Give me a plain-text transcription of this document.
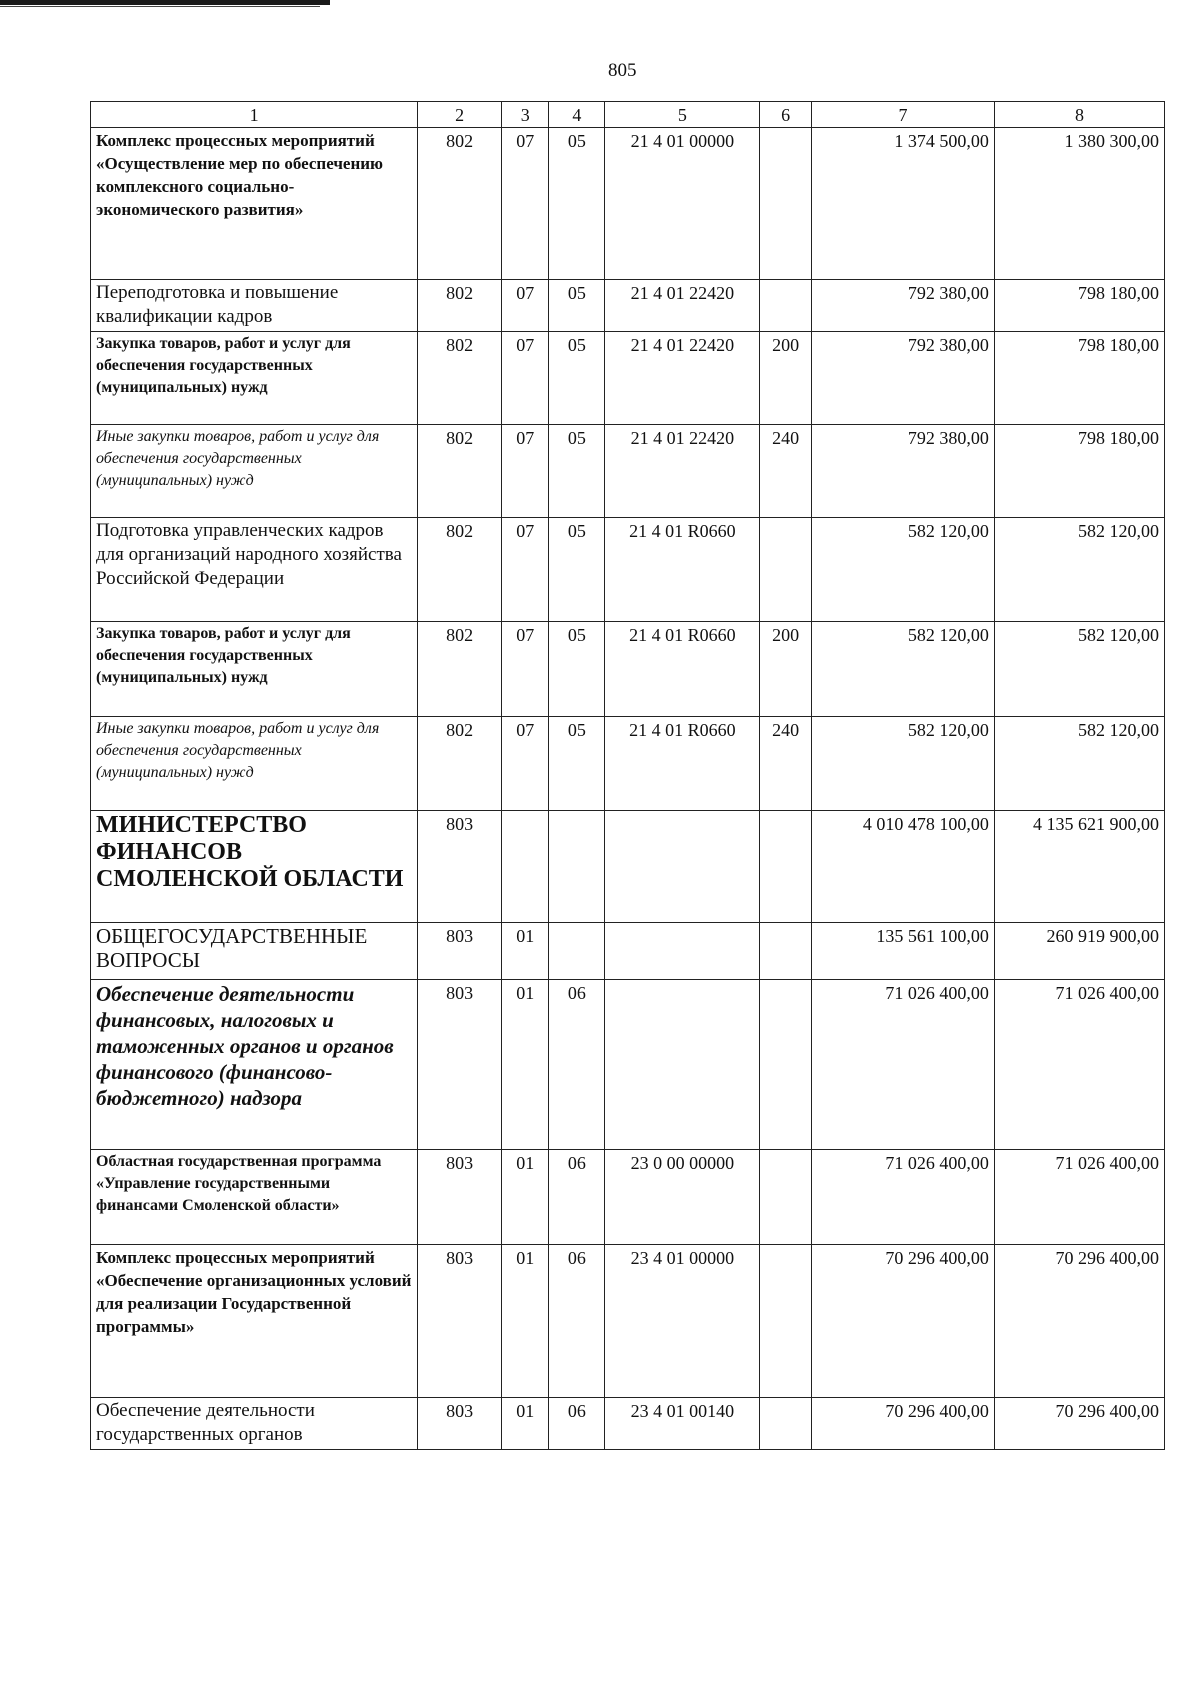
805
1	2	3	4	5	6	7	8
Комплекс процессных мероприятий «Осуществление мер по обеспечению комплексного социально-экономического развития»	802	07	05	21 4 01 00000		1 374 500,00	1 380 300,00
Переподготовка и повышение квалификации кадров	802	07	05	21 4 01 22420		792 380,00	798 180,00
Закупка товаров, работ и услуг для обеспечения государственных (муниципальных) нужд	802	07	05	21 4 01 22420	200	792 380,00	798 180,00
Иные закупки товаров, работ и услуг для обеспечения государственных (муниципальных) нужд	802	07	05	21 4 01 22420	240	792 380,00	798 180,00
Подготовка управленческих кадров для организаций народного хозяйства Российской Федерации	802	07	05	21 4 01 R0660		582 120,00	582 120,00
Закупка товаров, работ и услуг для обеспечения государственных (муниципальных) нужд	802	07	05	21 4 01 R0660	200	582 120,00	582 120,00
Иные закупки товаров, работ и услуг для обеспечения государственных (муниципальных) нужд	802	07	05	21 4 01 R0660	240	582 120,00	582 120,00
МИНИСТЕРСТВО ФИНАНСОВ СМОЛЕНСКОЙ ОБЛАСТИ	803					4 010 478 100,00	4 135 621 900,00
ОБЩЕГОСУДАРСТВЕННЫЕ ВОПРОСЫ	803	01				135 561 100,00	260 919 900,00
Обеспечение деятельности финансовых, налоговых и таможенных органов и органов финансового (финансово-бюджетного) надзора	803	01	06			71 026 400,00	71 026 400,00
Областная государственная программа «Управление государственными финансами Смоленской области»	803	01	06	23 0 00 00000		71 026 400,00	71 026 400,00
Комплекс процессных мероприятий «Обеспечение организационных условий для реализации Государственной программы»	803	01	06	23 4 01 00000		70 296 400,00	70 296 400,00
Обеспечение деятельности государственных органов	803	01	06	23 4 01 00140		70 296 400,00	70 296 400,00
